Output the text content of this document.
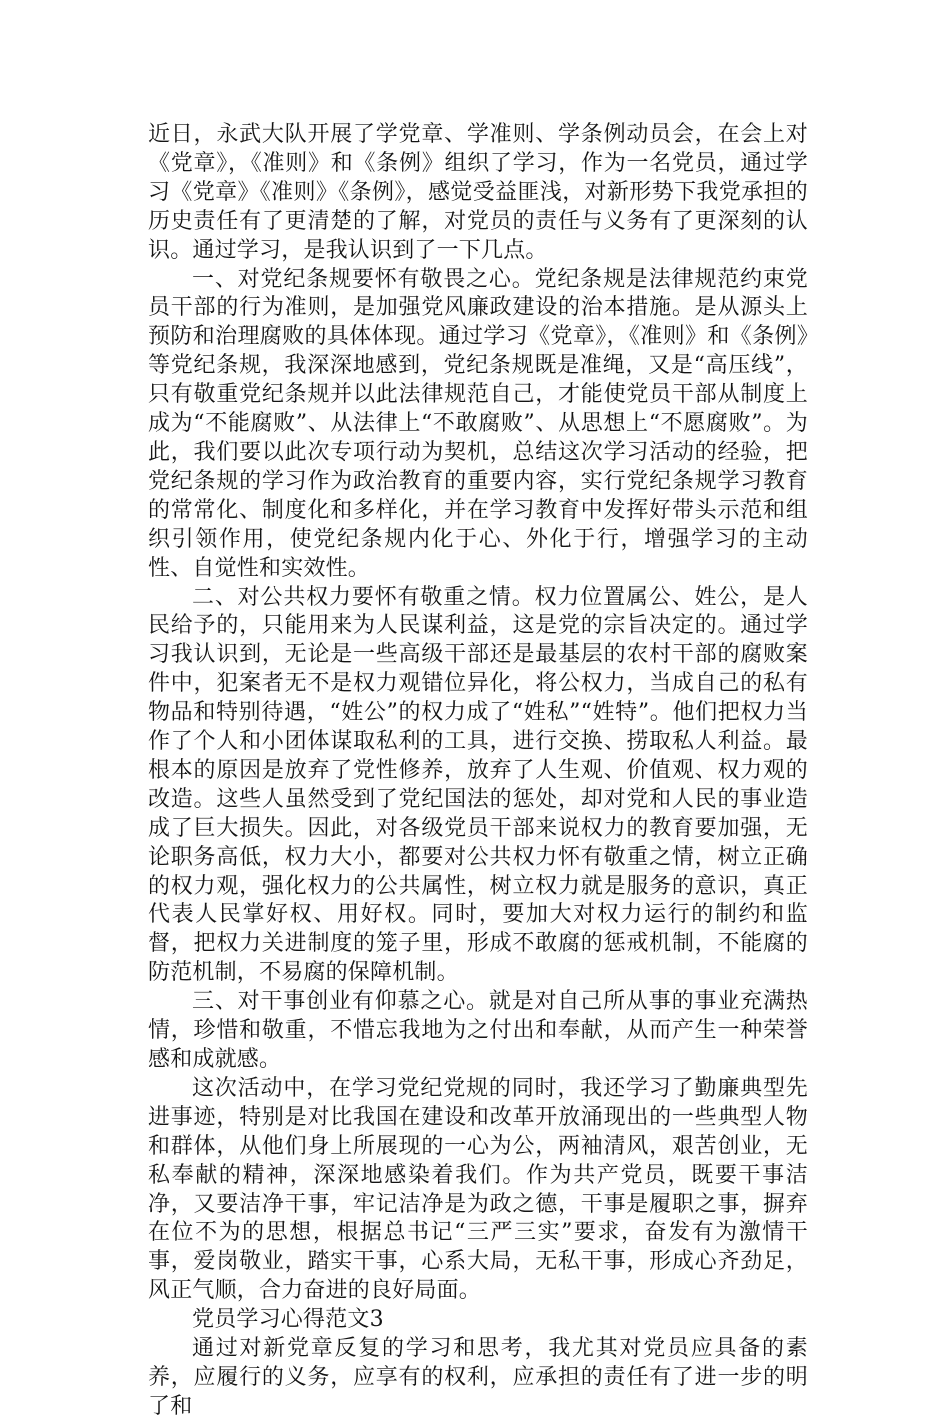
近日，永武大队开展了学党章、学准则、学条例动员会，在会上对《党章》，《准则》和《条例》组织了学习，作为一名党员，通过学习《党章》《准则》《条例》，感觉受益匪浅，对新形势下我党承担的历史责任有了更清楚的了解，对党员的责任与义务有了更深刻的认识。通过学习，是我认识到了一下几点。

一、对党纪条规要怀有敬畏之心。党纪条规是法律规范约束党员干部的行为准则，是加强党风廉政建设的治本措施。是从源头上预防和治理腐败的具体体现。通过学习《党章》，《准则》和《条例》等党纪条规，我深深地感到，党纪条规既是准绳，又是“高压线”，只有敬重党纪条规并以此法律规范自己，才能使党员干部从制度上成为“不能腐败”、从法律上“不敢腐败”、从思想上“不愿腐败”。为此，我们要以此次专项行动为契机，总结这次学习活动的经验，把党纪条规的学习作为政治教育的重要内容，实行党纪条规学习教育的常常化、制度化和多样化，并在学习教育中发挥好带头示范和组织引领作用，使党纪条规内化于心、外化于行，增强学习的主动性、自觉性和实效性。

二、对公共权力要怀有敬重之情。权力位置属公、姓公，是人民给予的，只能用来为人民谋利益，这是党的宗旨决定的。通过学习我认识到，无论是一些高级干部还是最基层的农村干部的腐败案件中，犯案者无不是权力观错位异化，将公权力，当成自己的私有物品和特别待遇，“姓公”的权力成了“姓私”“姓特”。他们把权力当作了个人和小团体谋取私利的工具，进行交换、捞取私人利益。最根本的原因是放弃了党性修养，放弃了人生观、价值观、权力观的改造。这些人虽然受到了党纪国法的惩处，却对党和人民的事业造成了巨大损失。因此，对各级党员干部来说权力的教育要加强，无论职务高低，权力大小，都要对公共权力怀有敬重之情，树立正确的权力观，强化权力的公共属性，树立权力就是服务的意识，真正代表人民掌好权、用好权。同时，要加大对权力运行的制约和监督，把权力关进制度的笼子里，形成不敢腐的惩戒机制，不能腐的防范机制，不易腐的保障机制。

三、对干事创业有仰慕之心。就是对自己所从事的事业充满热情，珍惜和敬重，不惜忘我地为之付出和奉献，从而产生一种荣誉感和成就感。

这次活动中，在学习党纪党规的同时，我还学习了勤廉典型先进事迹，特别是对比我国在建设和改革开放涌现出的一些典型人物和群体，从他们身上所展现的一心为公，两袖清风，艰苦创业，无私奉献的精神，深深地感染着我们。作为共产党员，既要干事洁净，又要洁净干事，牢记洁净是为政之德，干事是履职之事，摒弃在位不为的思想，根据总书记“三严三实”要求，奋发有为激情干事，爱岗敬业，踏实干事，心系大局，无私干事，形成心齐劲足，风正气顺，合力奋进的良好局面。

党员学习心得范文3

通过对新党章反复的学习和思考，我尤其对党员应具备的素养，应履行的义务，应享有的权利，应承担的责任有了进一步的明了和
